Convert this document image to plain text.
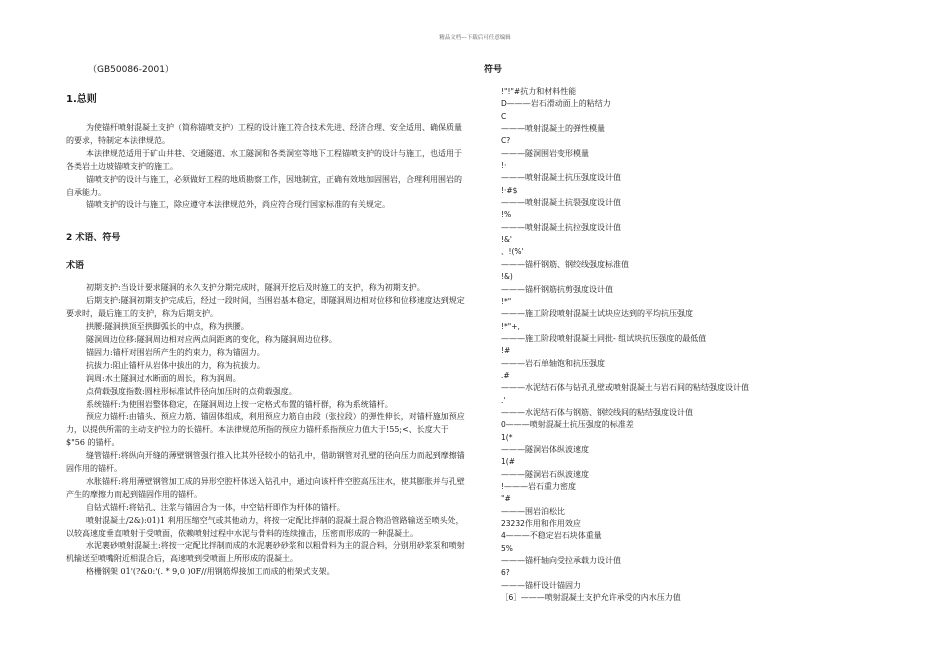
精品文档---下载后可任意编辑
（GB50086-2001）
1.总则

为使锚杆喷射混凝土支护（简称锚喷支护）工程的设计施工符合技术先进、经济合理、安全适用、确保质量的要求，特制定本法律规范。

本法律规范适用于矿山井巷、交通隧道、水工隧洞和各类洞室等地下工程锚喷支护的设计与施工，也适用于各类岩土边坡锚喷支护的施工。

锚喷支护的设计与施工，必须做好工程的地质勘察工作，因地制宜，正确有效地加固围岩，合理利用围岩的自承能力。

锚喷支护的设计与施工，除应遵守本法律规范外，尚应符合现行国家标准的有关规定。

2 术语、符号
术语

初期支护:当设计要求隧洞的永久支护分期完成时，隧洞开挖后及时施工的支护，称为初期支护。

后期支护:隧洞初期支护完成后，经过一段时间，当围岩基本稳定，即隧洞周边相对位移和位移速度达到规定要求时，最后施工的支护，称为后期支护。

拱腰:隧洞拱顶至拱脚弧长的中点，称为拱腰。

隧洞周边位移:隧洞周边相对应两点间距离的变化，称为隧洞周边位移。

锚固力:锚杆对围岩所产生的约束力，称为锚固力。

抗拔力:阻止锚杆从岩体中拔出的力，称为抗拔力。

润周:水土隧洞过水断面的周长，称为润周。

点荷载强度指数:圆柱形标准试件径向加压时的点荷载强度。

系统锚杆:为使围岩整体稳定，在隧洞周边上按一定格式布置的锚杆群，称为系统锚杆。

预应力锚杆:由锚头、预应力筋、锚固体组成，利用预应力筋自由段（张拉段）的弹性伸长，对锚杆施加预应力，以提供所需的主动支护拉力的长锚杆。本法律规范所指的预应力锚杆系指预应力值大于!55;<、长度大于$"56 的锚杆。

缝管锚杆:将纵向开缝的薄壁钢管强行推入比其外径较小的钻孔中，借助钢管对孔壁的径向压力而起到摩擦锚固作用的锚杆。

水胀锚杆:将用薄壁钢管加工成的异形空腔杆体送入钻孔中，通过向该杆件空腔高压注水，使其膨胀并与孔壁产生的摩擦力而起到锚固作用的锚杆。

自钻式锚杆:将钻孔、注浆与锚固合为一体，中空钻杆即作为杆体的锚杆。

喷射混凝土/2&):01)1 利用压缩空气或其他动力，将按一定配比拌制的混凝土混合物沿管路输送至喷头处，以较高速度垂直喷射于受喷面，依赖喷射过程中水泥与骨料的连续撞击，压密而形成的一种混凝土。

水泥裹砂喷射混凝土:将按一定配比拌制而成的水泥裹砂砂浆和以粗骨料为主的混合料，分别用砂浆泵和喷射机输送至喷嘴附近相混合后，高速喷到受喷面上所形成的混凝土。

格栅钢架 01'(?&0:'(. * 9,0 )0F//用钢筋焊接加工而成的桁架式支架。

符号
!"!"#抗力和材料性能
D———岩石滑动面上的粘结力
C
———喷射混凝土的弹性模量
C?
———隧洞围岩变形模量
!·
———喷射混凝土抗压强度设计值
!·#$
———喷射混凝土抗裂强度设计值
!%
———喷射混凝土抗拉强度设计值
!&'
、!(%'
———锚杆钢筋、钢绞线强度标准值
!&)
———锚杆钢筋抗剪强度设计值
!*"
———施工阶段喷射混凝土试块应达到的平均抗压强度
!*"+,
———施工阶段喷射混凝土同批- 组试块抗压强度的最低值
!#
———岩石单轴饱和抗压强度
.#
———水泥结石体与钻孔孔壁或喷射混凝土与岩石间的粘结强度设计值
.'
———水泥结石体与钢筋、钢绞线间的粘结强度设计值
0———喷射混凝土抗压强度的标准差
1(*
———隧洞岩体纵波速度
1(#
———隧洞岩石纵波速度
!———岩石重力密度
"#
———围岩泊松比
23232作用和作用效应
4———不稳定岩石块体重量
5%
———锚杆轴向受拉承载力设计值
6?
———锚杆设计锚固力
［6］———喷射混凝土支护允许承受的内水压力值
